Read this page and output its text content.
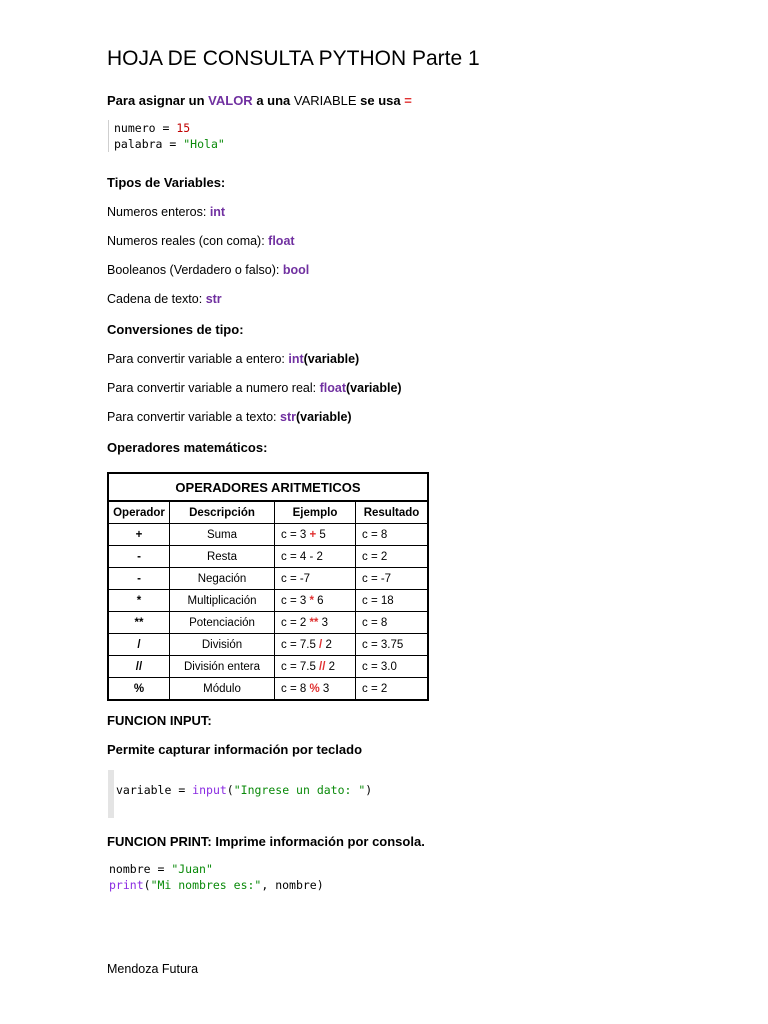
HOJA DE CONSULTA PYTHON Parte 1
Para asignar un VALOR a una VARIABLE se usa =
numero = 15
palabra = "Hola"
Tipos de Variables:
Numeros enteros: int
Numeros reales (con coma): float
Booleanos (Verdadero o falso): bool
Cadena de texto: str
Conversiones de tipo:
Para convertir variable a entero: int(variable)
Para convertir variable a numero real: float(variable)
Para convertir variable a texto: str(variable)
Operadores matemáticos:
OPERADORES ARITMETICOS			
Operador	Descripción	Ejemplo	Resultado
+	Suma	c = 3 + 5	c = 8
-	Resta	c = 4 - 2	c = 2
-	Negación	c = -7	c = -7
*	Multiplicación	c = 3 * 6	c = 18
**	Potenciación	c = 2 ** 3	c = 8
/	División	c = 7.5 / 2	c = 3.75
//	División entera	c = 7.5 // 2	c = 3.0
%	Módulo	c = 8 % 3	c = 2
FUNCION INPUT:
Permite capturar información por teclado
variable = input("Ingrese un dato: ")
FUNCION PRINT: Imprime información por consola.
nombre = "Juan"
print("Mi nombres es:", nombre)
Mendoza Futura
